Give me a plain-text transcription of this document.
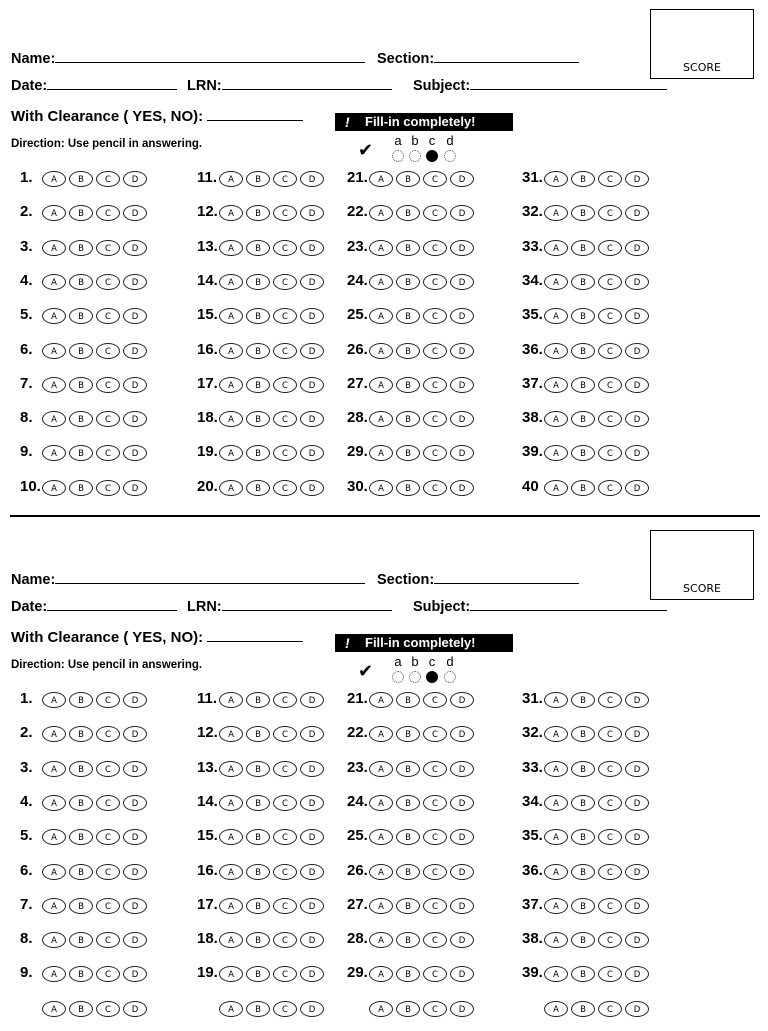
SCORE
Name:	Section:
Date:	LRN:	Subject:
With Clearance ( YES, NO):
Direction: Use pencil in answering.
! Fill-in completely!
✔	a b c d
1.	A B C D
2.	A B C D
3.	A B C D
4.	A B C D
5.	A B C D
6.	A B C D
7.	A B C D
8.	A B C D
9.	A B C D
10.	A B C D
11.	A B C D
12.	A B C D
13.	A B C D
14.	A B C D
15.	A B C D
16.	A B C D
17.	A B C D
18.	A B C D
19.	A B C D
20.	A B C D
21.	A B C D
22.	A B C D
23.	A B C D
24.	A B C D
25.	A B C D
26.	A B C D
27.	A B C D
28.	A B C D
29.	A B C D
30.	A B C D
31.	A B C D
32.	A B C D
33.	A B C D
34.	A B C D
35.	A B C D
36.	A B C D
37.	A B C D
38.	A B C D
39.	A B C D
40	A B C D
SCORE
Name:	Section:
Date:	LRN:	Subject:
With Clearance ( YES, NO):
Direction: Use pencil in answering.
! Fill-in completely!
✔	a b c d
1.	A B C D
2.	A B C D
3.	A B C D
4.	A B C D
5.	A B C D
6.	A B C D
7.	A B C D
8.	A B C D
9.	A B C D
A B C D
11.	A B C D
12.	A B C D
13.	A B C D
14.	A B C D
15.	A B C D
16.	A B C D
17.	A B C D
18.	A B C D
19.	A B C D
A B C D
21.	A B C D
22.	A B C D
23.	A B C D
24.	A B C D
25.	A B C D
26.	A B C D
27.	A B C D
28.	A B C D
29.	A B C D
A B C D
31.	A B C D
32.	A B C D
33.	A B C D
34.	A B C D
35.	A B C D
36.	A B C D
37.	A B C D
38.	A B C D
39.	A B C D
A B C D
